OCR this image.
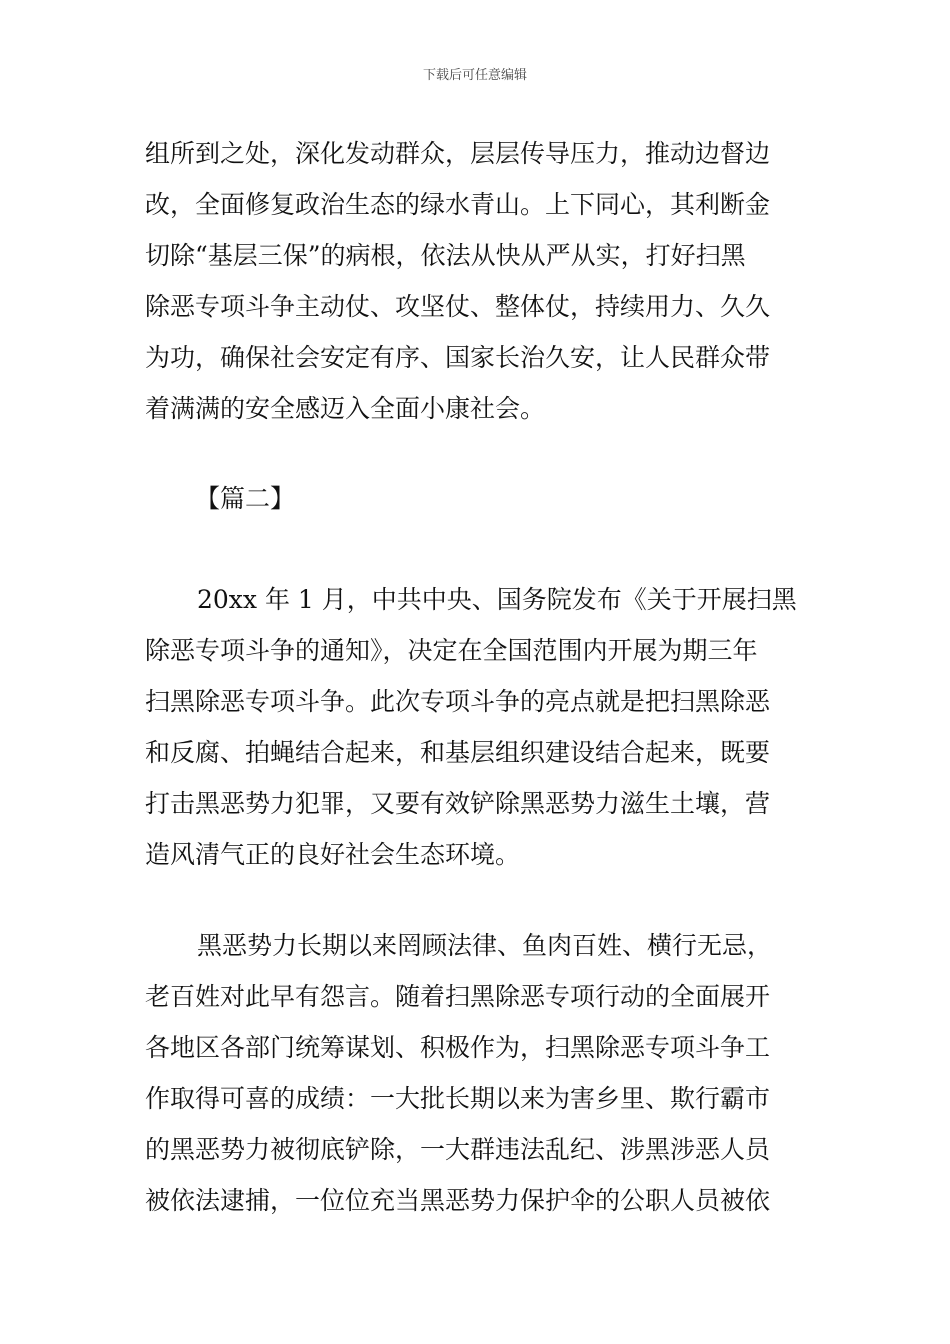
下载后可任意编辑
组所到之处，深化发动群众，层层传导压力，推动边督边
改，全面修复政治生态的绿水青山。上下同心，其利断金
切除“基层三保”的病根，依法从快从严从实，打好扫黑
除恶专项斗争主动仗、攻坚仗、整体仗，持续用力、久久
为功，确保社会安定有序、国家长治久安，让人民群众带
着满满的安全感迈入全面小康社会。
【篇二】
20xx 年 1 月，中共中央、国务院发布《关于开展扫黑
除恶专项斗争的通知》，决定在全国范围内开展为期三年
扫黑除恶专项斗争。此次专项斗争的亮点就是把扫黑除恶
和反腐、拍蝇结合起来，和基层组织建设结合起来，既要
打击黑恶势力犯罪，又要有效铲除黑恶势力滋生土壤，营
造风清气正的良好社会生态环境。
黑恶势力长期以来罔顾法律、鱼肉百姓、横行无忌，
老百姓对此早有怨言。随着扫黑除恶专项行动的全面展开
各地区各部门统筹谋划、积极作为，扫黑除恶专项斗争工
作取得可喜的成绩：一大批长期以来为害乡里、欺行霸市
的黑恶势力被彻底铲除，一大群违法乱纪、涉黑涉恶人员
被依法逮捕，一位位充当黑恶势力保护伞的公职人员被依
